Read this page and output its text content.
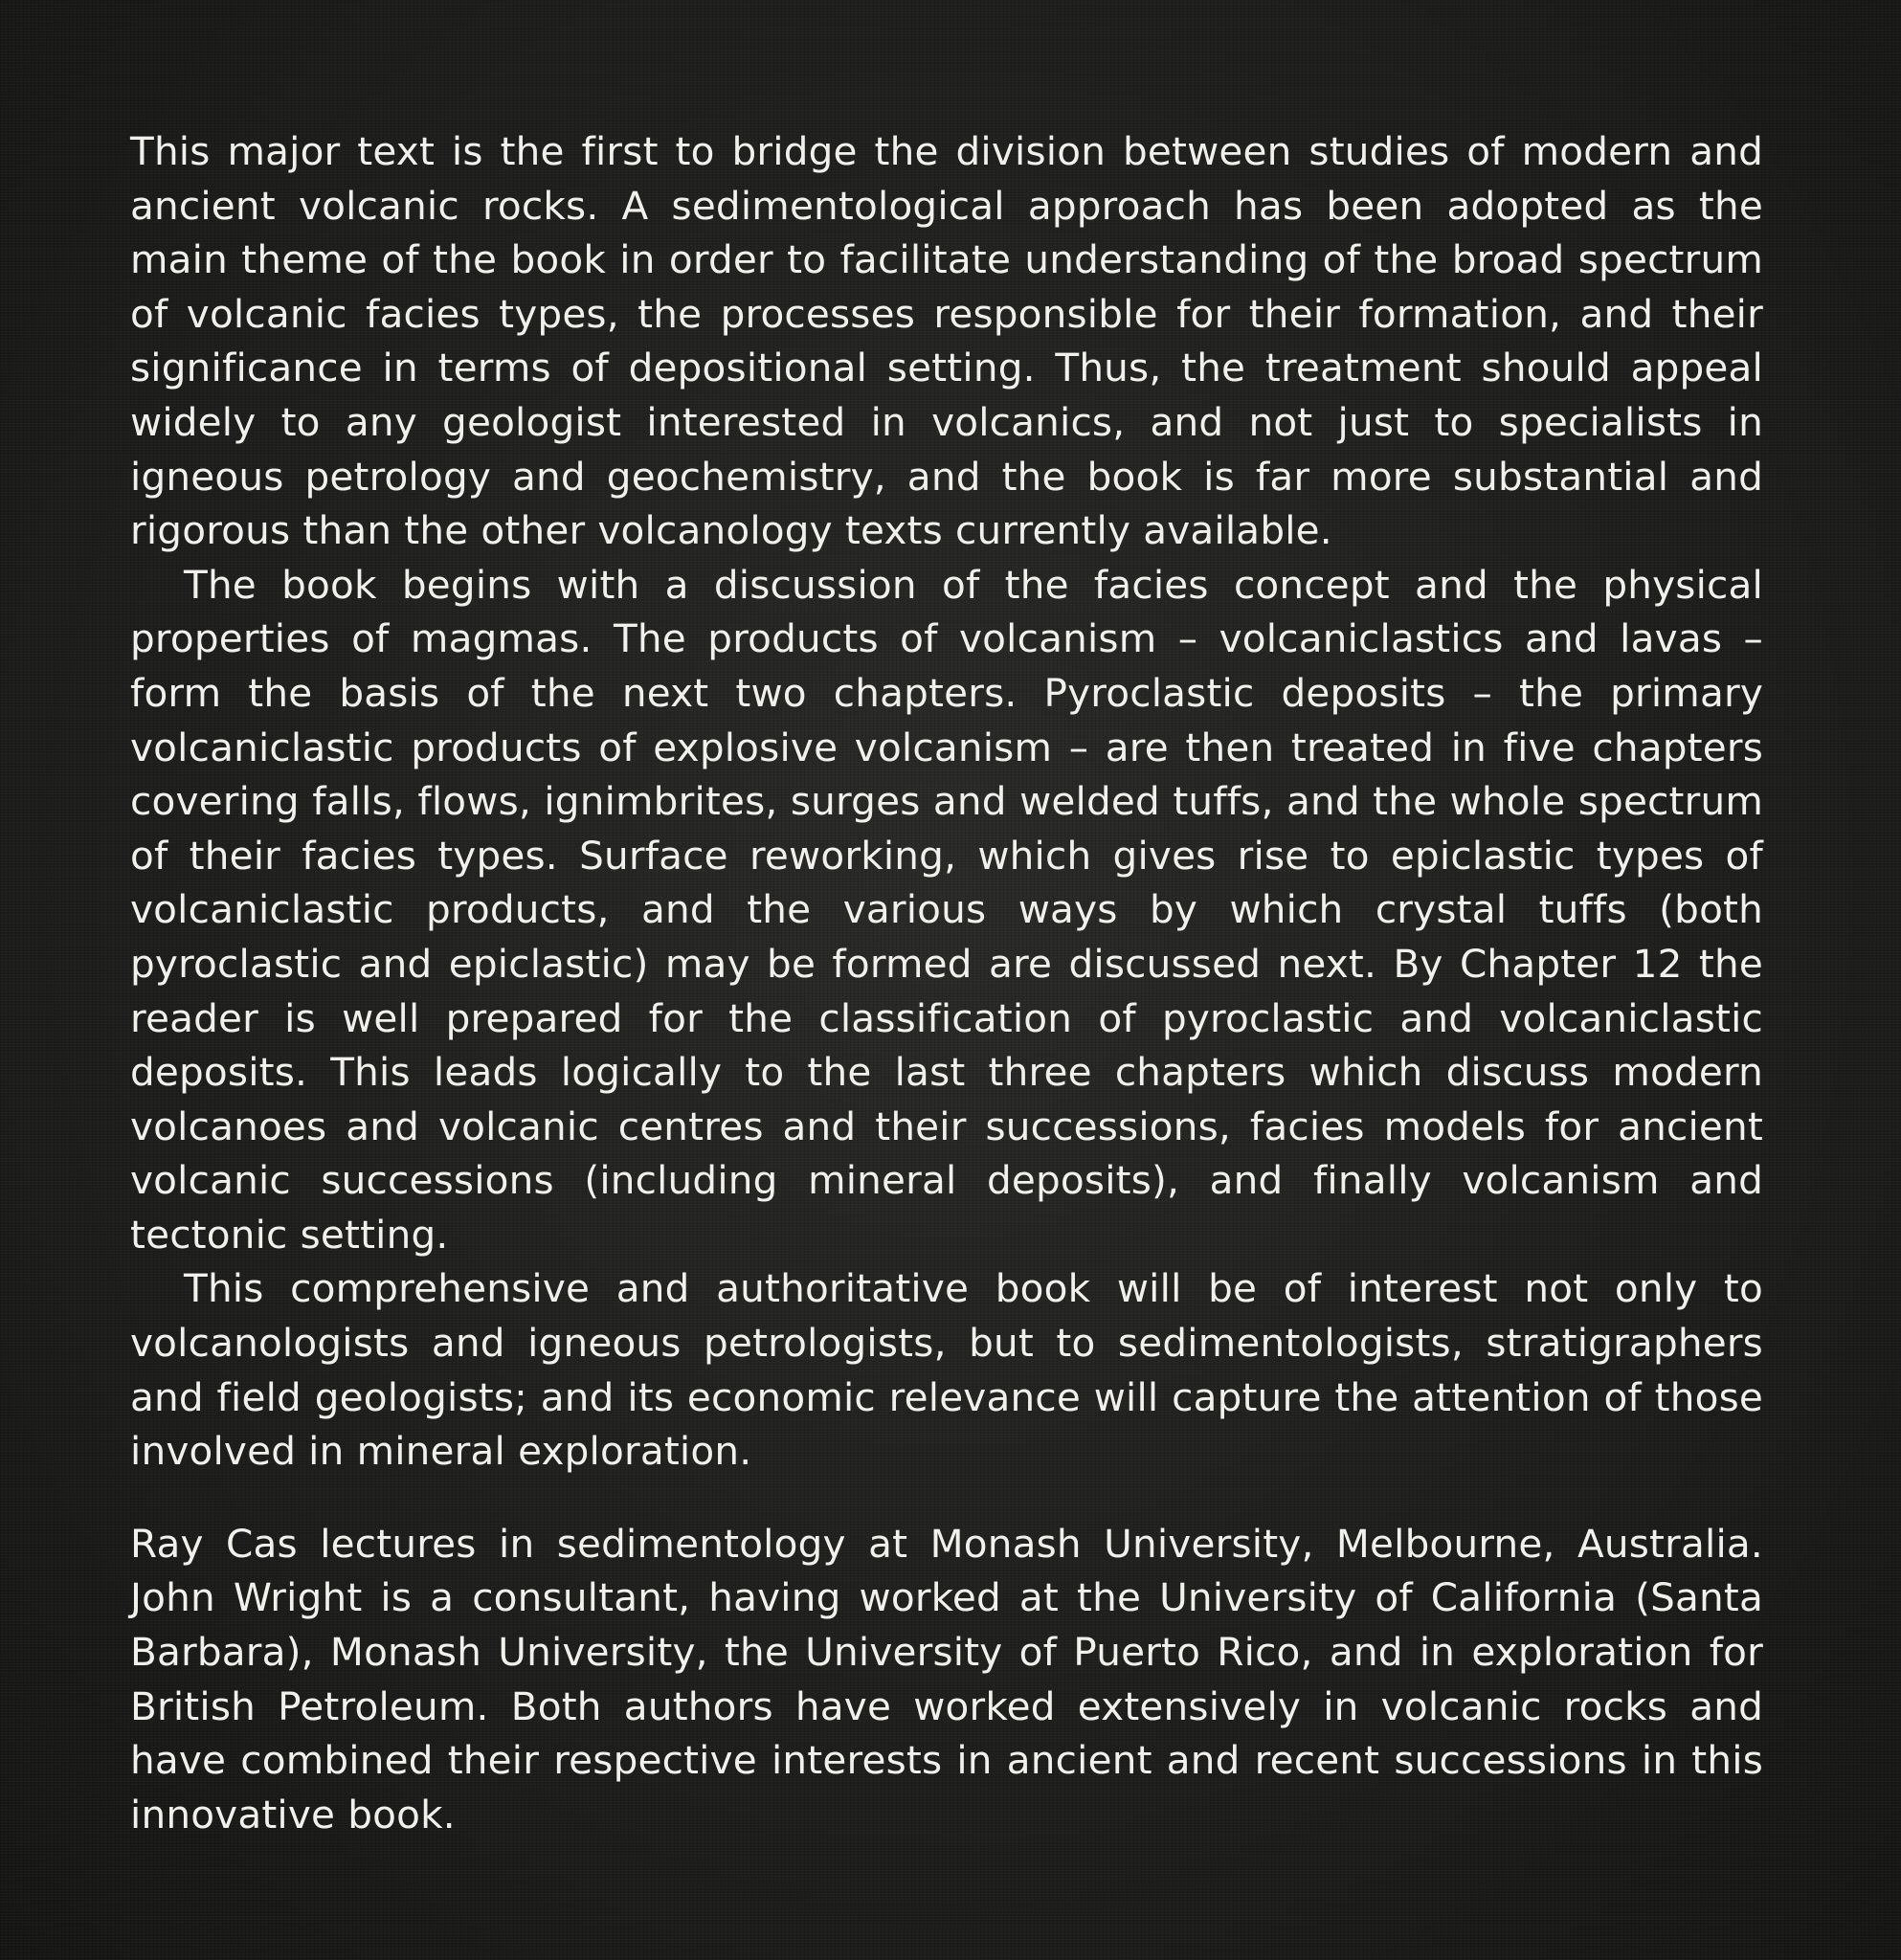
This major text is the first to bridge the division between studies of modern and ancient volcanic rocks. A sedimentological approach has been adopted as the main theme of the book in order to facilitate understanding of the broad spectrum of volcanic facies types, the processes responsible for their formation, and their significance in terms of depositional setting. Thus, the treatment should appeal widely to any geologist interested in volcanics, and not just to specialists in igneous petrology and geochemistry, and the book is far more substantial and rigorous than the other volcanology texts currently available.

The book begins with a discussion of the facies concept and the physical properties of magmas. The products of volcanism – volcaniclastics and lavas – form the basis of the next two chapters. Pyroclastic deposits – the primary volcaniclastic products of explosive volcanism – are then treated in five chapters covering falls, flows, ignimbrites, surges and welded tuffs, and the whole spectrum of their facies types. Surface reworking, which gives rise to epiclastic types of volcaniclastic products, and the various ways by which crystal tuffs (both pyroclastic and epiclastic) may be formed are discussed next. By Chapter 12 the reader is well prepared for the classification of pyroclastic and volcaniclastic deposits. This leads logically to the last three chapters which discuss modern volcanoes and volcanic centres and their successions, facies models for ancient volcanic successions (including mineral deposits), and finally volcanism and tectonic setting.

This comprehensive and authoritative book will be of interest not only to volcanologists and igneous petrologists, but to sedimentologists, stratigraphers and field geologists; and its economic relevance will capture the attention of those involved in mineral exploration.

Ray Cas lectures in sedimentology at Monash University, Melbourne, Australia. John Wright is a consultant, having worked at the University of California (Santa Barbara), Monash University, the University of Puerto Rico, and in exploration for British Petroleum. Both authors have worked extensively in volcanic rocks and have combined their respective interests in ancient and recent successions in this innovative book.
